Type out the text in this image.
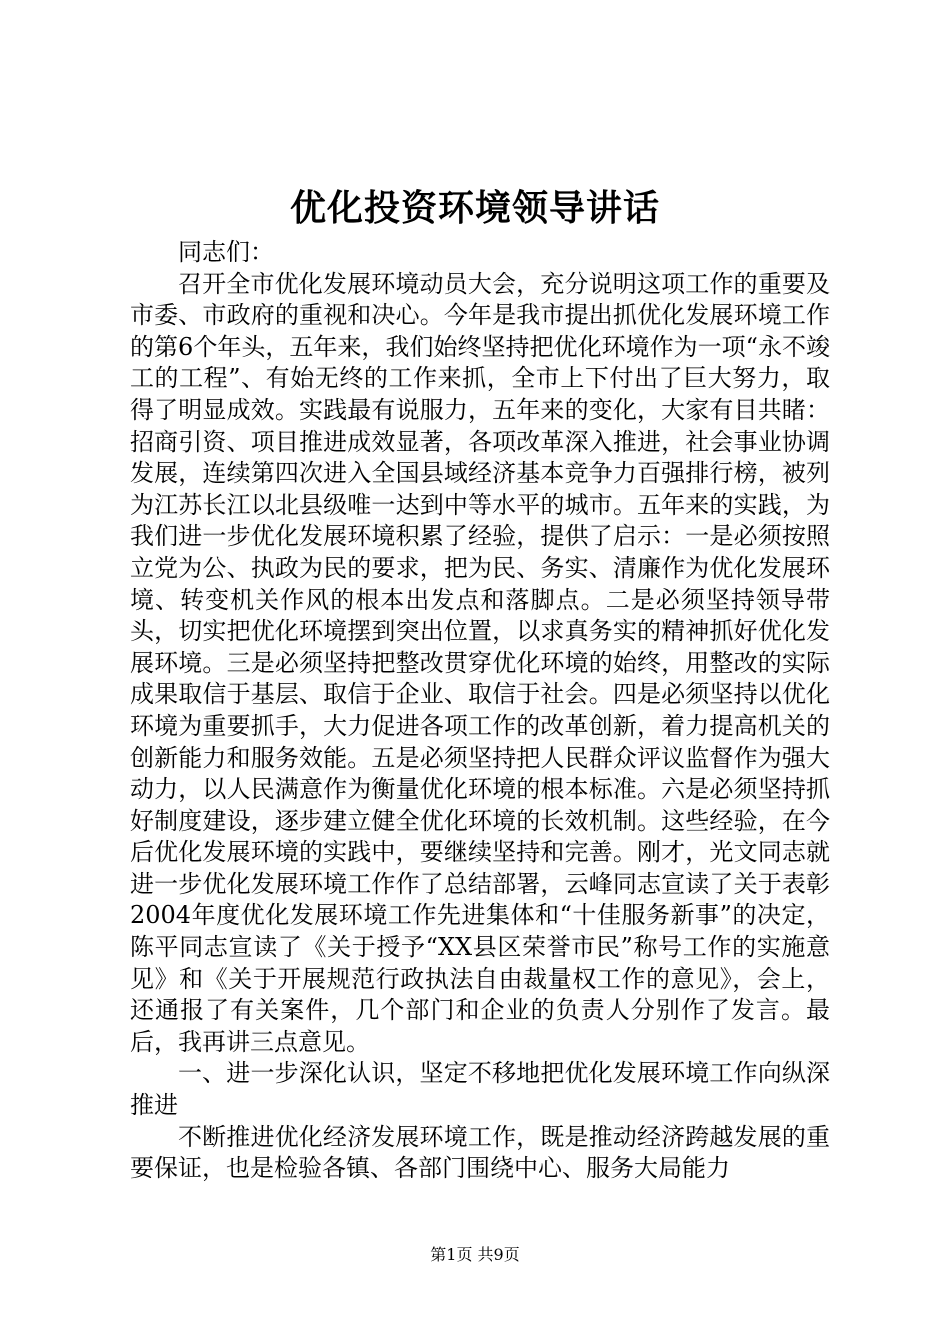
优化投资环境领导讲话

同志们：

召开全市优化发展环境动员大会，充分说明这项工作的重要及市委、市政府的重视和决心。今年是我市提出抓优化发展环境工作的第6个年头，五年来，我们始终坚持把优化环境作为一项“永不竣工的工程”、有始无终的工作来抓，全市上下付出了巨大努力，取得了明显成效。实践最有说服力，五年来的变化，大家有目共睹：招商引资、项目推进成效显著，各项改革深入推进，社会事业协调发展，连续第四次进入全国县域经济基本竞争力百强排行榜，被列为江苏长江以北县级唯一达到中等水平的城市。五年来的实践，为我们进一步优化发展环境积累了经验，提供了启示：一是必须按照立党为公、执政为民的要求，把为民、务实、清廉作为优化发展环境、转变机关作风的根本出发点和落脚点。二是必须坚持领导带头，切实把优化环境摆到突出位置，以求真务实的精神抓好优化发展环境。三是必须坚持把整改贯穿优化环境的始终，用整改的实际成果取信于基层、取信于企业、取信于社会。四是必须坚持以优化环境为重要抓手，大力促进各项工作的改革创新，着力提高机关的创新能力和服务效能。五是必须坚持把人民群众评议监督作为强大动力，以人民满意作为衡量优化环境的根本标准。六是必须坚持抓好制度建设，逐步建立健全优化环境的长效机制。这些经验，在今后优化发展环境的实践中，要继续坚持和完善。刚才，光文同志就进一步优化发展环境工作作了总结部署，云峰同志宣读了关于表彰2004年度优化发展环境工作先进集体和“十佳服务新事”的决定，陈平同志宣读了《关于授予“XX县区荣誉市民”称号工作的实施意见》和《关于开展规范行政执法自由裁量权工作的意见》，会上，还通报了有关案件，几个部门和企业的负责人分别作了发言。最后，我再讲三点意见。

一、进一步深化认识，坚定不移地把优化发展环境工作向纵深推进

不断推进优化经济发展环境工作，既是推动经济跨越发展的重要保证，也是检验各镇、各部门围绕中心、服务大局能力

第1页 共9页
